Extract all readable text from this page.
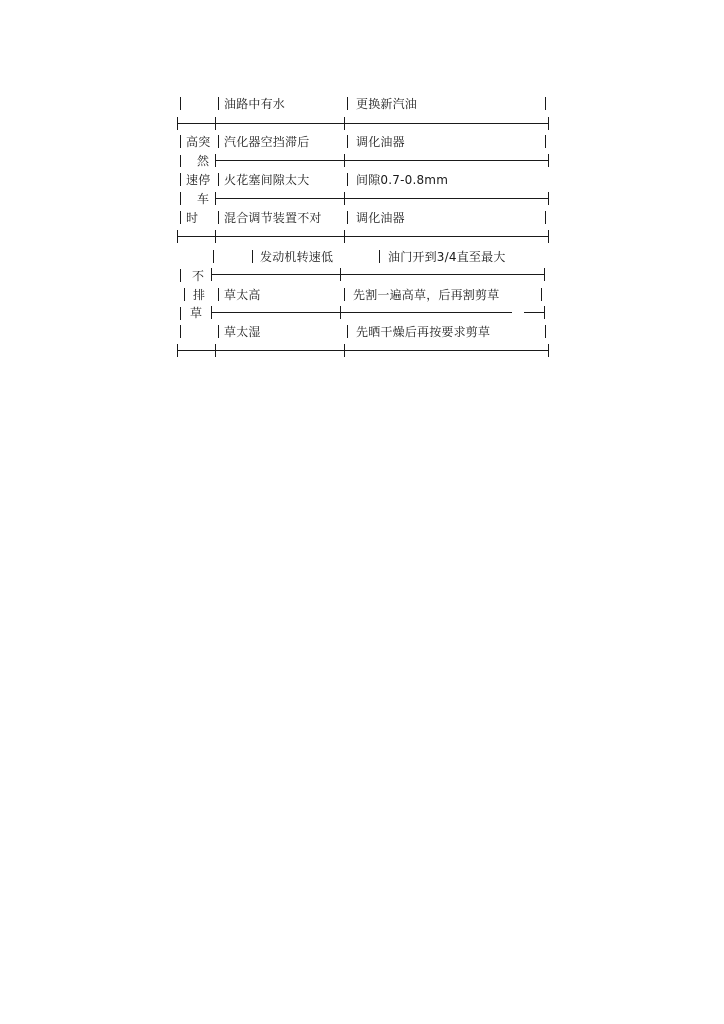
高突
然
速停
车
时
油路中有水	更换新汽油
汽化器空挡滞后	调化油器
火花塞间隙太大	间隙0.7-0.8mm
混合调节装置不对	调化油器
不
排
草
发动机转速低	油门开到3/4直至最大
草太高	先割一遍高草，后再割剪草
草太湿	先晒干燥后再按要求剪草
